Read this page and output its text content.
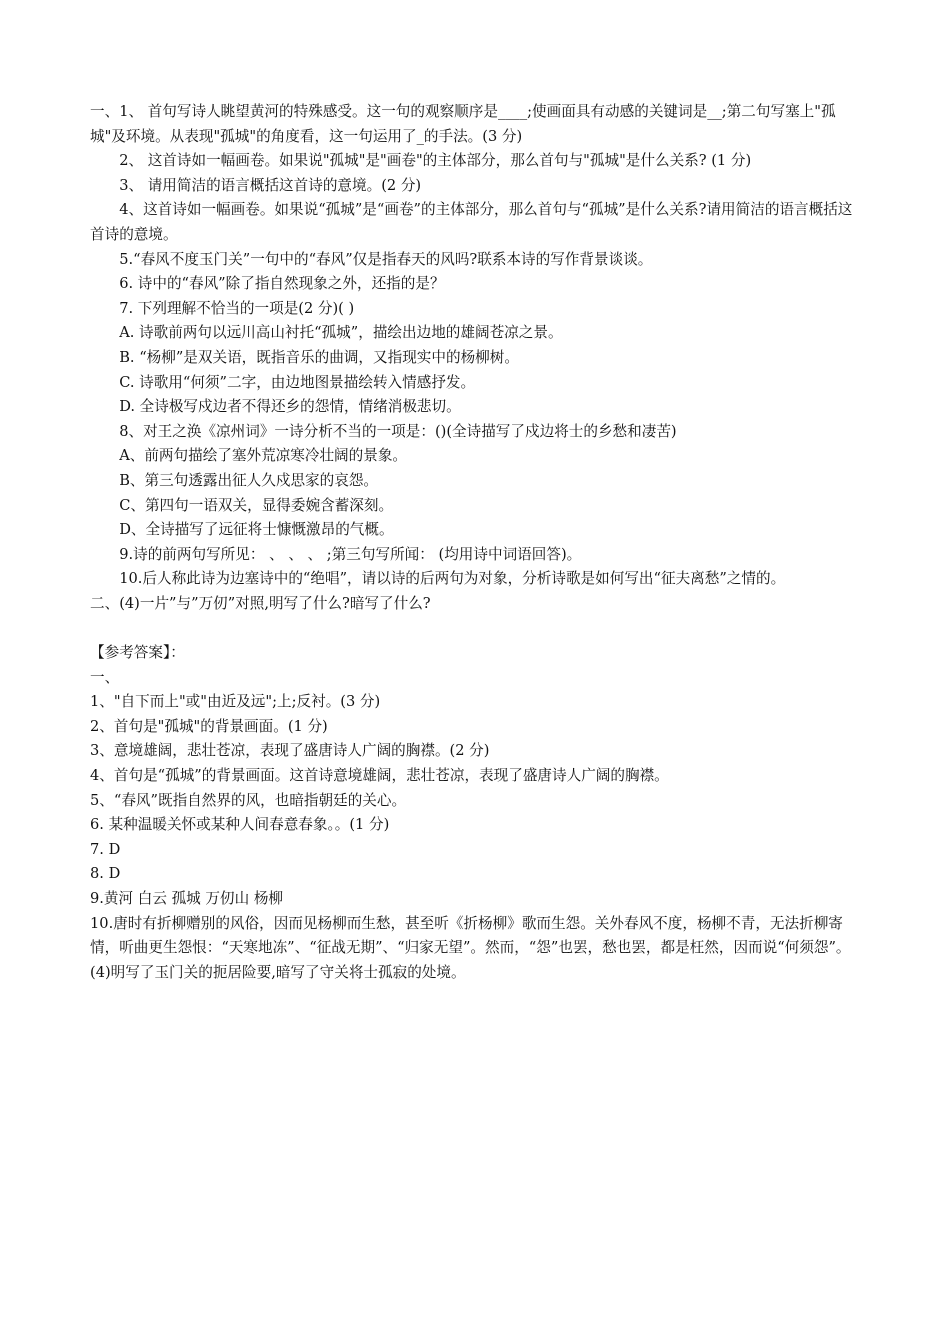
一、1、 首句写诗人眺望黄河的特殊感受。这一句的观察顺序是____;使画面具有动感的关键词是__;第二句写塞上"孤城"及环境。从表现"孤城"的角度看，这一句运用了_的手法。(3 分)

2、 这首诗如一幅画卷。如果说"孤城"是"画卷"的主体部分，那么首句与"孤城"是什么关系? (1 分)

3、 请用简洁的语言概括这首诗的意境。(2 分)

4、这首诗如一幅画卷。如果说“孤城”是“画卷”的主体部分，那么首句与“孤城”是什么关系?请用简洁的语言概括这首诗的意境。

5.“春风不度玉门关”一句中的“春风”仅是指春天的风吗?联系本诗的写作背景谈谈。

6. 诗中的“春风”除了指自然现象之外，还指的是？

7. 下列理解不恰当的一项是(2 分)( )

A. 诗歌前两句以远川高山衬托“孤城”，描绘出边地的雄阔苍凉之景。

B. “杨柳”是双关语，既指音乐的曲调，又指现实中的杨柳树。

C. 诗歌用“何须”二字，由边地图景描绘转入情感抒发。

D. 全诗极写戍边者不得还乡的怨情，情绪消极悲切。

8、对王之涣《凉州词》一诗分析不当的一项是：()(全诗描写了戍边将士的乡愁和凄苦)

A、前两句描绘了塞外荒凉寒冷壮阔的景象。

B、第三句透露出征人久戍思家的哀怨。

C、第四句一语双关，显得委婉含蓄深刻。

D、全诗描写了远征将士慷慨激昂的气概。

9.诗的前两句写所见： 、 、 、 ;第三句写所闻： (均用诗中词语回答)。

10.后人称此诗为边塞诗中的“绝唱”，请以诗的后两句为对象，分析诗歌是如何写出“征夫离愁”之情的。

二、(4)一片”与”万仞”对照,明写了什么?暗写了什么?

【参考答案】：

一、

1、"自下而上"或"由近及远";上;反衬。(3 分)

2、首句是"孤城"的背景画面。(1 分)

3、意境雄阔，悲壮苍凉，表现了盛唐诗人广阔的胸襟。(2 分)

4、首句是“孤城”的背景画面。这首诗意境雄阔，悲壮苍凉，表现了盛唐诗人广阔的胸襟。

5、“春风”既指自然界的风，也暗指朝廷的关心。

6. 某种温暖关怀或某种人间春意春象。。(1 分)

7. D

8. D

9.黄河 白云 孤城 万仞山 杨柳

10.唐时有折柳赠别的风俗，因而见杨柳而生愁，甚至听《折杨柳》歌而生怨。关外春风不度，杨柳不青，无法折柳寄情，听曲更生怨恨：“天寒地冻”、“征战无期”、“归家无望”。然而，“怨”也罢，愁也罢，都是枉然，因而说“何须怨”。

(4)明写了玉门关的扼居险要,暗写了守关将士孤寂的处境。
